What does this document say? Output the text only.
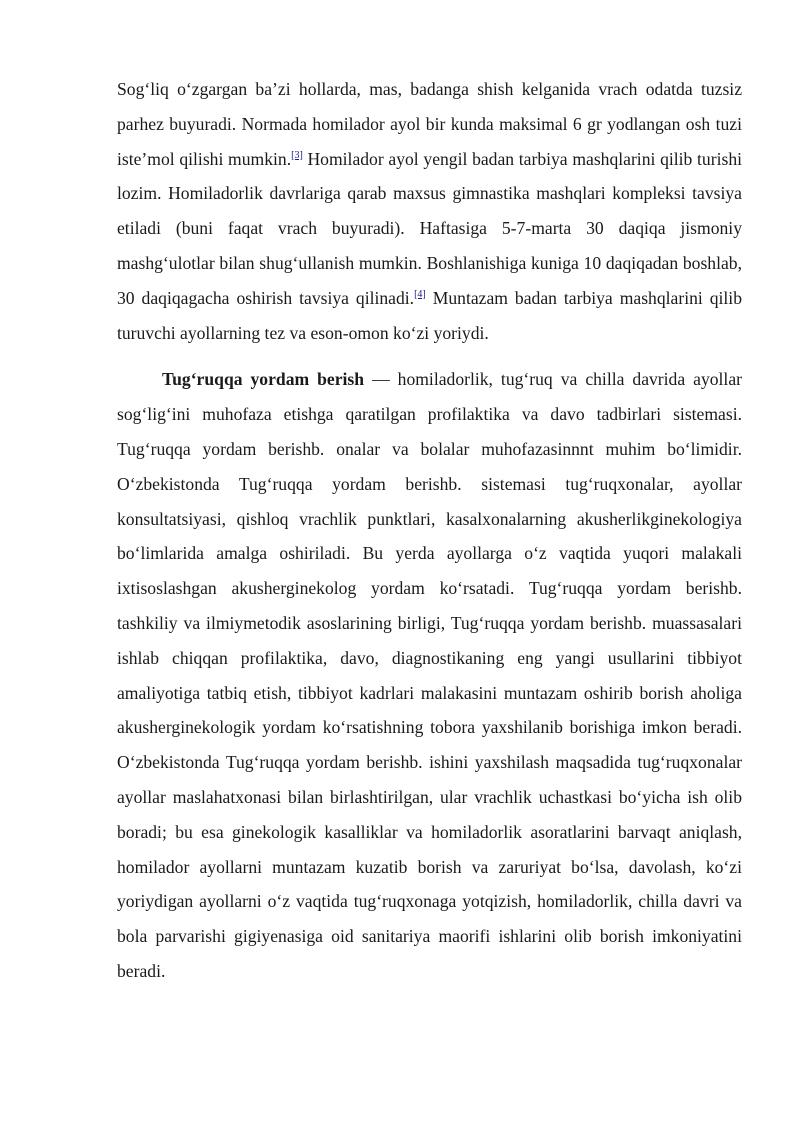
Sog‘liq o‘zgargan ba’zi hollarda, mas, badanga shish kelganida vrach odatda tuzsiz parhez buyuradi. Normada homilador ayol bir kunda maksimal 6 gr yodlangan osh tuzi iste’mol qilishi mumkin.[3] Homilador ayol yengil badan tarbiya mashqlarini qilib turishi lozim. Homiladorlik davrlariga qarab maxsus gimnastika mashqlari kompleksi tavsiya etiladi (buni faqat vrach buyuradi). Haftasiga 5-7-marta 30 daqiqa jismoniy mashg‘ulotlar bilan shug‘ullanish mumkin. Boshlanishiga kuniga 10 daqiqadan boshlab, 30 daqiqagacha oshirish tavsiya qilinadi.[4] Muntazam badan tarbiya mashqlarini qilib turuvchi ayollarning tez va eson-omon ko‘zi yoriydi.

Tug‘ruqqa yordam berish — homiladorlik, tug‘ruq va chilla davrida ayollar sog‘lig‘ini muhofaza etishga qaratilgan profilaktika va davo tadbirlari sistemasi. Tug‘ruqqa yordam berishb. onalar va bolalar muhofazasinnnt muhim bo‘limidir. O‘zbekistonda Tug‘ruqqa yordam berishb. sistemasi tug‘ruqxonalar, ayollar konsultatsiyasi, qishloq vrachlik punktlari, kasalxonalarning akusherlikginekologiya bo‘limlarida amalga oshiriladi. Bu yerda ayollarga o‘z vaqtida yuqori malakali ixtisoslashgan akusherginekolog yordam ko‘rsatadi. Tug‘ruqqa yordam berishb. tashkiliy va ilmiymetodik asoslarining birligi, Tug‘ruqqa yordam berishb. muassasalari ishlab chiqqan profilaktika, davo, diagnostikaning eng yangi usullarini tibbiyot amaliyotiga tatbiq etish, tibbiyot kadrlari malakasini muntazam oshirib borish aholiga akusherginekologik yordam ko‘rsatishning tobora yaxshilanib borishiga imkon beradi. O‘zbekistonda Tug‘ruqqa yordam berishb. ishini yaxshilash maqsadida tug‘ruqxonalar ayollar maslahatxonasi bilan birlashtirilgan, ular vrachlik uchastkasi bo‘yicha ish olib boradi; bu esa ginekologik kasalliklar va homiladorlik asoratlarini barvaqt aniqlash, homilador ayollarni muntazam kuzatib borish va zaruriyat bo‘lsa, davolash, ko‘zi yoriydigan ayollarni o‘z vaqtida tug‘ruqxonaga yotqizish, homiladorlik, chilla davri va bola parvarishi gigiyenasiga oid sanitariya maorifi ishlarini olib borish imkoniyatini beradi.
